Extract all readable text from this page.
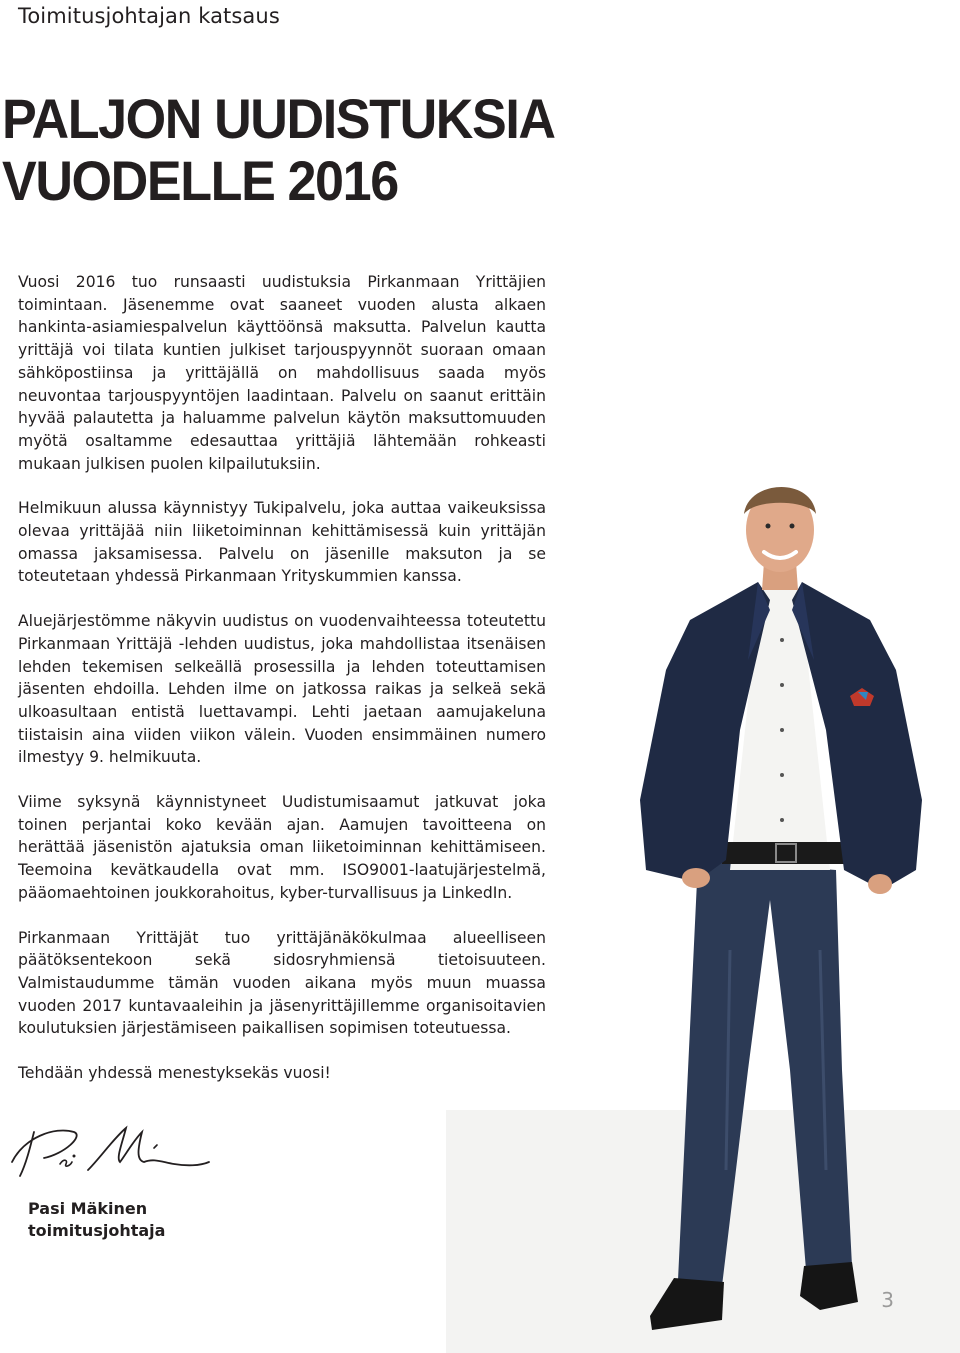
Toimitusjohtajan katsaus
PALJON UUDISTUKSIA
VUODELLE 2016

Vuosi 2016 tuo runsaasti uudistuksia Pirkanmaan Yrittäjien toimintaan. Jäsenemme ovat saaneet vuoden alusta alkaen hankinta-asiamiespalvelun käyttöönsä maksutta. Palvelun kautta yrittäjä voi tilata kuntien julkiset tarjouspyynnöt suoraan omaan sähköpostiinsa ja yrittäjällä on mahdollisuus saada myös neuvontaa tarjouspyyntöjen laadintaan. Palvelu on saanut erittäin hyvää palautetta ja haluamme palvelun käytön maksuttomuuden myötä osaltamme edesauttaa yrittäjiä lähtemään rohkeasti mukaan julkisen puolen kilpailutuksiin.

Helmikuun alussa käynnistyy Tukipalvelu, joka auttaa vaikeuksissa olevaa yrittäjää niin liiketoiminnan kehittämisessä kuin yrittäjän omassa jaksamisessa. Palvelu on jäsenille maksuton ja se toteutetaan yhdessä Pirkanmaan Yrityskummien kanssa.

Aluejärjestömme näkyvin uudistus on vuodenvaihteessa toteutettu Pirkanmaan Yrittäjä -lehden uudistus, joka mahdollistaa itsenäisen lehden tekemisen selkeällä prosessilla ja lehden toteuttamisen jäsenten ehdoilla. Lehden ilme on jatkossa raikas ja selkeä sekä ulkoasultaan entistä luettavampi. Lehti jaetaan aamujakeluna tiistaisin aina viiden viikon välein. Vuoden ensimmäinen numero ilmestyy 9. helmikuuta.

Viime syksynä käynnistyneet Uudistumisaamut jatkuvat joka toinen perjantai koko kevään ajan. Aamujen tavoitteena on herättää jäsenistön ajatuksia oman liiketoiminnan kehittämiseen. Teemoina kevätkaudella ovat mm. ISO9001-laatujärjestelmä, pääomaehtoinen joukkorahoitus, kyber-turvallisuus ja LinkedIn.

Pirkanmaan Yrittäjät tuo yrittäjänäkökulmaa alueelliseen päätöksentekoon sekä sidosryhmiensä tietoisuuteen. Valmistaudumme tämän vuoden aikana myös muun muassa vuoden 2017 kuntavaaleihin ja jäsenyrittäjillemme organisoitavien koulutuksien järjestämiseen paikallisen sopimisen toteutuessa.

Tehdään yhdessä menestyksekäs vuosi!

Pasi Mäkinen
toimitusjohtaja
3
